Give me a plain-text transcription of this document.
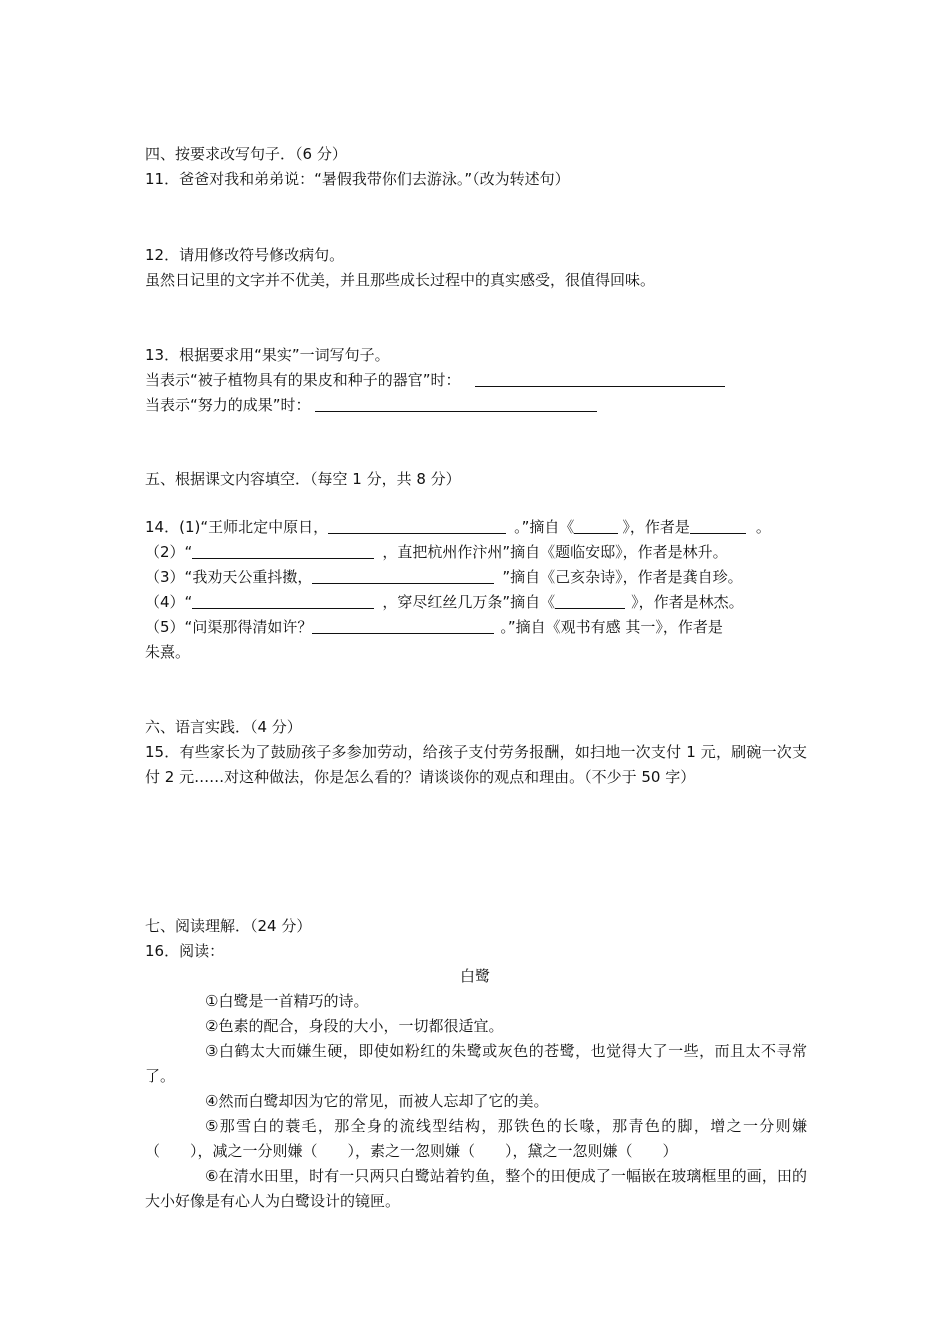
四、按要求改写句子．（6 分）
11．爸爸对我和弟弟说：“暑假我带你们去游泳。”（改为转述句）
12．请用修改符号修改病句。
虽然日记里的文字并不优美，并且那些成长过程中的真实感受，很值得回味。
13．根据要求用“果实”一词写句子。
当表示“被子植物具有的果皮和种子的器官”时：
当表示“努力的成果”时：
五、根据课文内容填空．（每空 1 分，共 8 分）
14．(1)“王师北定中原日，	。”摘自《	》，作者是	。
（2）“	，直把杭州作汴州”摘自《题临安邸》，作者是林升。
（3）“我劝天公重抖擞，	”摘自《己亥杂诗》，作者是龚自珍。
（4）“	，穿尽红丝几万条”摘自《	》，作者是林杰。
（5）“问渠那得清如许？	。”摘自《观书有感 其一》，作者是
朱熹。
六、语言实践．（4 分）
15．有些家长为了鼓励孩子多参加劳动，给孩子支付劳务报酬，如扫地一次支付 1 元，刷碗一次支付 2 元……对这种做法，你是怎么看的？请谈谈你的观点和理由。（不少于 50 字）
七、阅读理解．（24 分）
16．阅读：
白鹭
①白鹭是一首精巧的诗。
②色素的配合，身段的大小，一切都很适宜。
③白鹤太大而嫌生硬，即使如粉红的朱鹭或灰色的苍鹭，也觉得大了一些，而且太不寻常了。
④然而白鹭却因为它的常见，而被人忘却了它的美。
⑤那雪白的蓑毛，那全身的流线型结构，那铁色的长喙，那青色的脚，增之一分则嫌（　　），减之一分则嫌（　　），素之一忽则嫌（　　），黛之一忽则嫌（　　）
⑥在清水田里，时有一只两只白鹭站着钓鱼，整个的田便成了一幅嵌在玻璃框里的画，田的大小好像是有心人为白鹭设计的镜匣。
